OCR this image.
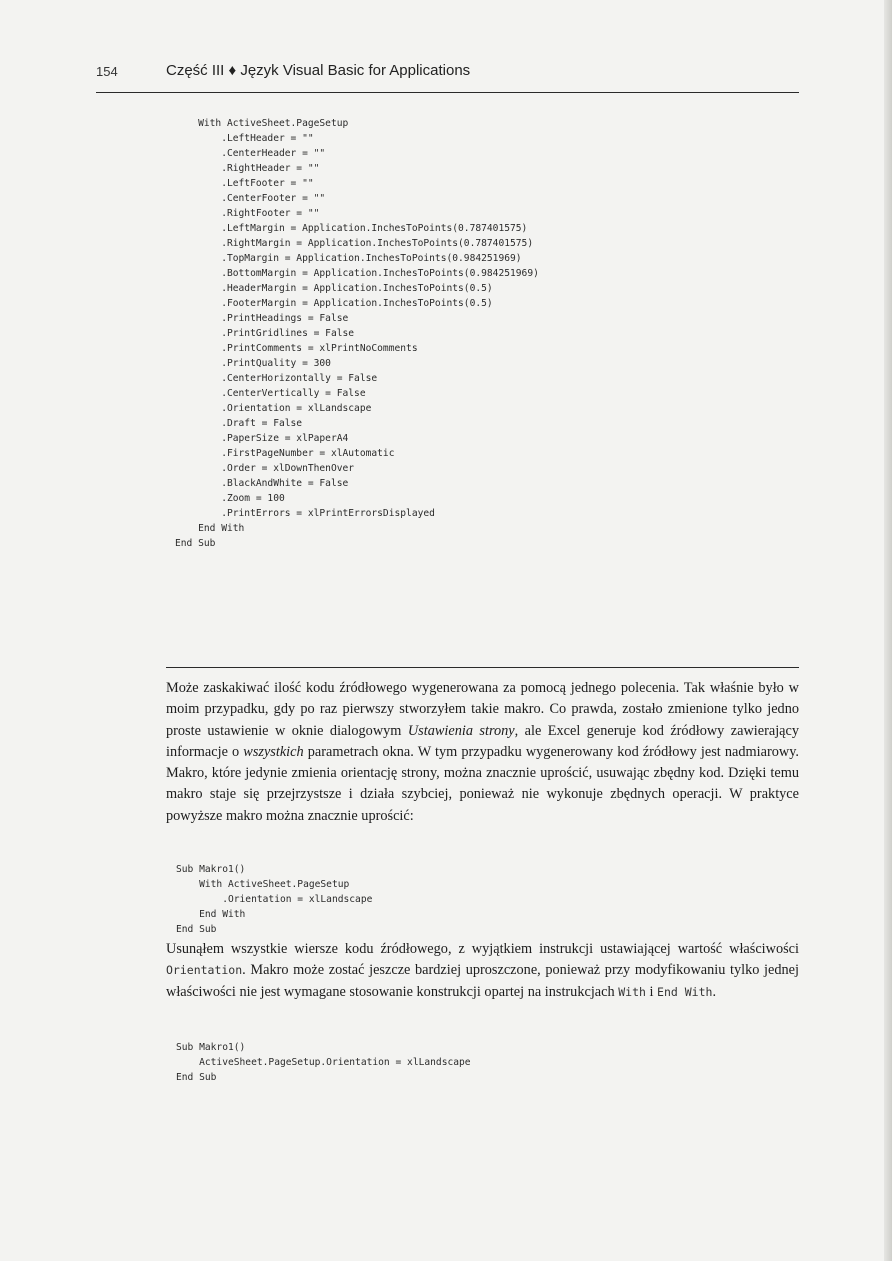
154	Część III ♦ Język Visual Basic for Applications
With ActiveSheet.PageSetup
.LeftHeader = ""
.CenterHeader = ""
.RightHeader = ""
.LeftFooter = ""
.CenterFooter = ""
.RightFooter = ""
.LeftMargin = Application.InchesToPoints(0.787401575)
.RightMargin = Application.InchesToPoints(0.787401575)
.TopMargin = Application.InchesToPoints(0.984251969)
.BottomMargin = Application.InchesToPoints(0.984251969)
.HeaderMargin = Application.InchesToPoints(0.5)
.FooterMargin = Application.InchesToPoints(0.5)
.PrintHeadings = False
.PrintGridlines = False
.PrintComments = xlPrintNoComments
.PrintQuality = 300
.CenterHorizontally = False
.CenterVertically = False
.Orientation = xlLandscape
.Draft = False
.PaperSize = xlPaperA4
.FirstPageNumber = xlAutomatic
.Order = xlDownThenOver
.BlackAndWhite = False
.Zoom = 100
.PrintErrors = xlPrintErrorsDisplayed
End With
End Sub

Może zaskakiwać ilość kodu źródłowego wygenerowana za pomocą jednego polecenia. Tak właśnie było w moim przypadku, gdy po raz pierwszy stworzyłem takie makro. Co prawda, zostało zmienione tylko jedno proste ustawienie w oknie dialogowym Ustawienia strony, ale Excel generuje kod źródłowy zawierający informacje o wszystkich parametrach okna. W tym przypadku wygenerowany kod źródłowy jest nadmiarowy. Makro, które jedynie zmienia orientację strony, można znacznie uprościć, usuwając zbędny kod. Dzięki temu makro staje się przejrzystsze i działa szybciej, ponieważ nie wykonuje zbędnych operacji. W praktyce powyższe makro można znacznie uprościć:

Sub Makro1()
With ActiveSheet.PageSetup
.Orientation = xlLandscape
End With
End Sub

Usunąłem wszystkie wiersze kodu źródłowego, z wyjątkiem instrukcji ustawiającej wartość właściwości Orientation. Makro może zostać jeszcze bardziej uproszczone, ponieważ przy modyfikowaniu tylko jednej właściwości nie jest wymagane stosowanie konstrukcji opartej na instrukcjach With i End With.

Sub Makro1()
ActiveSheet.PageSetup.Orientation = xlLandscape
End Sub
